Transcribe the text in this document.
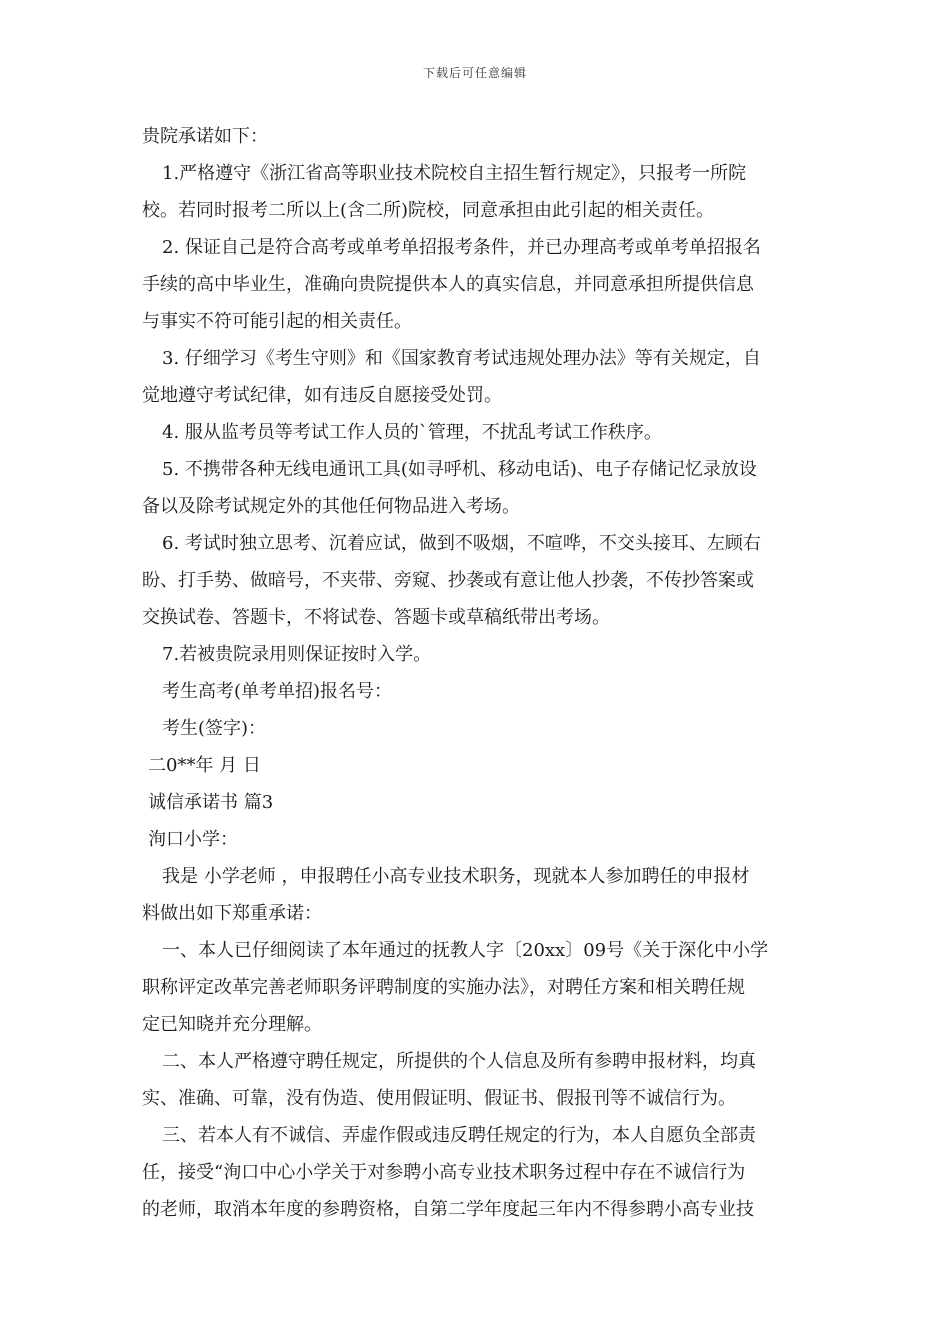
下载后可任意编辑
贵院承诺如下：
1.严格遵守《浙江省高等职业技术院校自主招生暂行规定》，只报考一所院
校。若同时报考二所以上(含二所)院校，同意承担由此引起的相关责任。
2. 保证自己是符合高考或单考单招报考条件，并已办理高考或单考单招报名
手续的高中毕业生，准确向贵院提供本人的真实信息，并同意承担所提供信息
与事实不符可能引起的相关责任。
3. 仔细学习《考生守则》和《国家教育考试违规处理办法》等有关规定，自
觉地遵守考试纪律，如有违反自愿接受处罚。
4. 服从监考员等考试工作人员的`管理，不扰乱考试工作秩序。
5. 不携带各种无线电通讯工具(如寻呼机、移动电话)、电子存储记忆录放设
备以及除考试规定外的其他任何物品进入考场。
6. 考试时独立思考、沉着应试，做到不吸烟，不喧哗，不交头接耳、左顾右
盼、打手势、做暗号，不夹带、旁窥、抄袭或有意让他人抄袭，不传抄答案或
交换试卷、答题卡，不将试卷、答题卡或草稿纸带出考场。
7.若被贵院录用则保证按时入学。
考生高考(单考单招)报名号：
考生(签字)：
二0**年 月 日
诚信承诺书 篇3
洵口小学：
我是 小学老师 ，申报聘任小高专业技术职务，现就本人参加聘任的申报材
料做出如下郑重承诺：
一、本人已仔细阅读了本年通过的抚教人字〔20xx〕09号《关于深化中小学
职称评定改革完善老师职务评聘制度的实施办法》，对聘任方案和相关聘任规
定已知晓并充分理解。
二、本人严格遵守聘任规定，所提供的个人信息及所有参聘申报材料，均真
实、准确、可靠，没有伪造、使用假证明、假证书、假报刊等不诚信行为。
三、若本人有不诚信、弄虚作假或违反聘任规定的行为，本人自愿负全部责
任，接受“洵口中心小学关于对参聘小高专业技术职务过程中存在不诚信行为
的老师，取消本年度的参聘资格，自第二学年度起三年内不得参聘小高专业技
